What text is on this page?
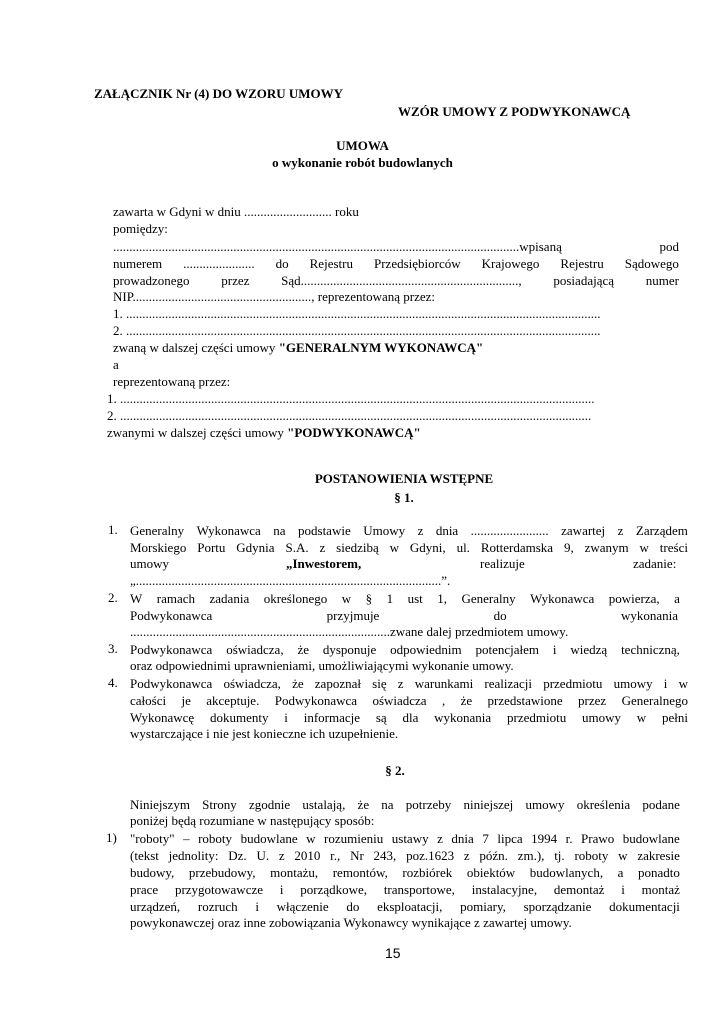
ZAŁĄCZNIK Nr (4) DO WZORU UMOWY
WZÓR UMOWY Z PODWYKONAWCĄ
UMOWA
o wykonanie robót budowlanych
zawarta w Gdyni w dniu ........................... roku
pomiędzy:
.............................................................................................................................wpisaną	pod
numerem ...................... do Rejestru Przedsiębiorców Krajowego Rejestru Sądowego
prowadzonego przez Sąd..................................................................., posiadającą numer
NIP......................................................., reprezentowaną przez:
1. ..................................................................................................................................................
2. ..................................................................................................................................................
zwaną w dalszej części umowy "GENERALNYM WYKONAWCĄ"
a
reprezentowaną przez:
1. ..................................................................................................................................................
2. .................................................................................................................................................
zwanymi w dalszej części umowy "PODWYKONAWCĄ"
POSTANOWIENIA WSTĘPNE
§ 1.
1. Generalny Wykonawca na podstawie Umowy z dnia ........................ zawartej z Zarządem
Morskiego Portu Gdynia S.A. z siedzibą w Gdyni, ul. Rotterdamska 9, zwanym w treści
umowy	„Inwestorem,	realizuje	zadanie:
„..............................................................................................”.
2. W ramach zadania określonego w § 1 ust 1, Generalny Wykonawca powierza, a
Podwykonawca	przyjmuje	do	wykonania
................................................................................zwane dalej przedmiotem umowy.
3. Podwykonawca oświadcza, że dysponuje odpowiednim potencjałem i wiedzą techniczną,
oraz odpowiednimi uprawnieniami, umożliwiającymi wykonanie umowy.
4. Podwykonawca oświadcza, że zapoznał się z warunkami realizacji przedmiotu umowy i w
całości je akceptuje. Podwykonawca oświadcza , że przedstawione przez Generalnego
Wykonawcę dokumenty i informacje są dla wykonania przedmiotu umowy w pełni
wystarczające i nie jest konieczne ich uzupełnienie.
§ 2.
Niniejszym Strony zgodnie ustalają, że na potrzeby niniejszej umowy określenia podane
poniżej będą rozumiane w następujący sposób:
1) "roboty" – roboty budowlane w rozumieniu ustawy z dnia 7 lipca 1994 r. Prawo budowlane
(tekst jednolity: Dz. U. z 2010 r., Nr 243, poz.1623 z późn. zm.), tj. roboty w zakresie
budowy, przebudowy, montażu, remontów, rozbiórek obiektów budowlanych, a ponadto
prace przygotowawcze i porządkowe, transportowe, instalacyjne, demontaż i montaż
urządzeń, rozruch i włączenie do eksploatacji, pomiary, sporządzanie dokumentacji
powykonawczej oraz inne zobowiązania Wykonawcy wynikające z zawartej umowy.
15
